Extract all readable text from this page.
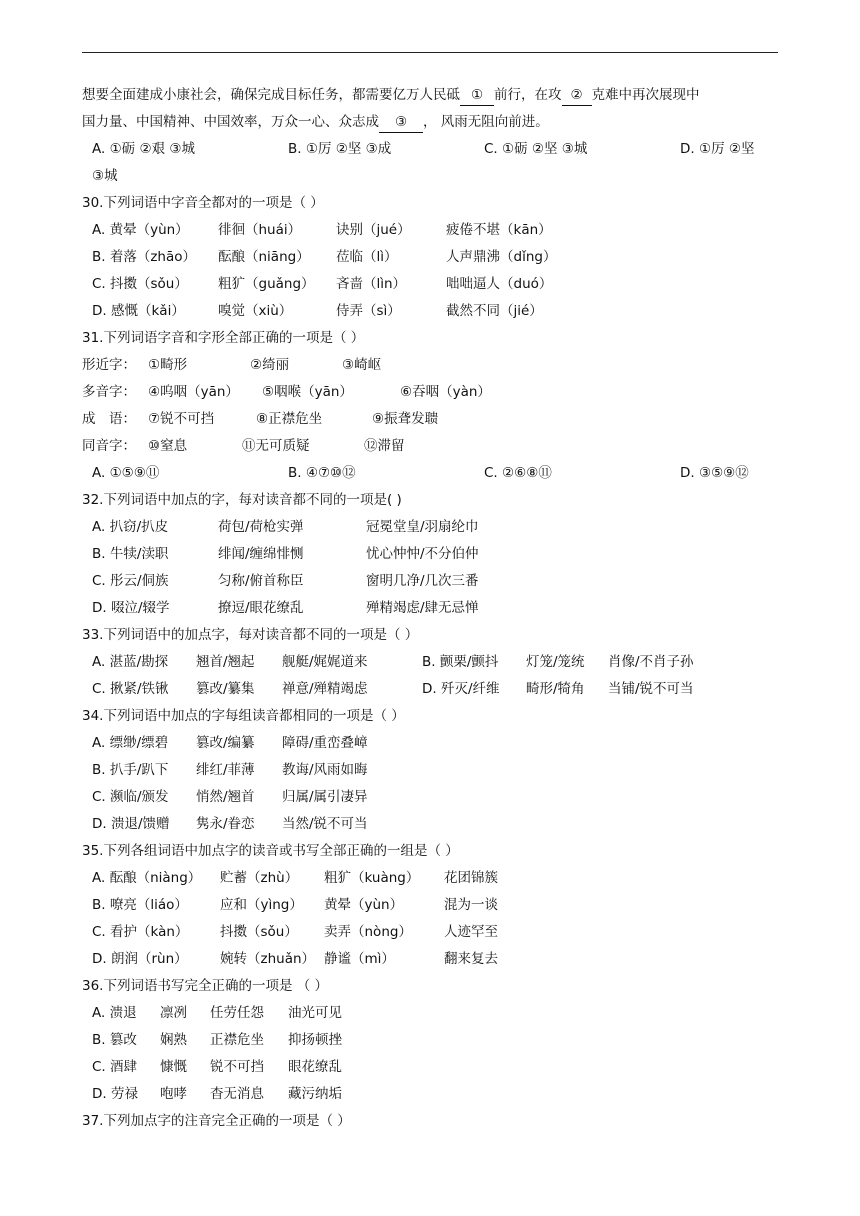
想要全面建成小康社会，确保完成目标任务，都需要亿万人民砥 ① 前行，在攻 ② 克难中再次展现中

国力量、中国精神、中国效率，万众一心、众志成 ③ ， 风雨无阻向前进。

A. ①砺 ②艰 ③城	B. ①厉 ②坚 ③成	C. ①砺 ②坚 ③城	D. ①厉 ②坚
③城

30.下列词语中字音全都对的一项是（ ）

A. 黄晕（yùn） 徘徊（huái）	诀别（jué）	疲倦不堪（kān）
B. 着落（zhāo） 酝酿（niāng） 莅临（lì）	人声鼎沸（dǐng）
C. 抖擞（sǒu） 粗犷（guǎng） 吝啬（lìn）	咄咄逼人（duó）
D. 感慨（kǎi） 嗅觉（xiù）	侍弄（sì）	截然不同（jié）

31.下列词语字音和字形全部正确的一项是（ ）

形近字： ①畸形	②绮丽	③崎岖
多音字： ④呜咽（yān） ⑤咽喉（yān）	⑥吞咽（yàn）
成　语： ⑦锐不可挡	⑧正襟危坐	⑨振聋发聩
同音字： ⑩窒息	⑪无可质疑	⑫滞留
A. ①⑤⑨⑪	B. ④⑦⑩⑫	C. ②⑥⑧⑪	D. ③⑤⑨⑫

32.下列词语中加点的字，每对读音都不同的一项是( )

A. 扒窃/扒皮	荷包/荷枪实弹	冠冕堂皇/羽扇纶巾
B. 牛犊/渎职	绯闻/缠绵悱恻	忧心忡忡/不分伯仲
C. 彤云/侗族	匀称/俯首称臣	窗明几净/几次三番
D. 啜泣/辍学	撩逗/眼花缭乱	殚精竭虑/肆无忌惮

33.下列词语中的加点字，每对读音都不同的一项是（ ）

A. 湛蓝/勘探 翘首/翘起 舰艇/娓娓道来	B. 颤栗/颤抖 灯笼/笼统 肖像/不肖子孙
C. 揪紧/铁锹 篡改/纂集 禅意/殚精竭虑	D. 歼灭/纤维 畸形/犄角 当铺/锐不可当

34.下列词语中加点的字每组读音都相同的一项是（ ）

A. 缥缈/缥碧 篡改/编纂 障碍/重峦叠嶂
B. 扒手/趴下 绯红/菲薄 教诲/风雨如晦
C. 濒临/颁发 悄然/翘首 归属/属引凄异
D. 溃退/馈赠 隽永/眷恋 当然/锐不可当

35.下列各组词语中加点字的读音或书写全部正确的一组是（ ）

A. 酝酿（niàng） 贮蓄（zhù） 粗犷（kuàng） 花团锦簇
B. 嘹亮（liáo） 应和（yìng） 黄晕（yùn）	混为一谈
C. 看护（kàn） 抖擞（sǒu） 卖弄（nòng） 人迹罕至
D. 朗润（rùn） 婉转（zhuǎn） 静谧（mì）	翻来复去

36.下列词语书写完全正确的一项是 （ ）

A. 溃退 凛冽 任劳任怨 油光可见
B. 篡改 娴熟 正襟危坐 抑扬顿挫
C. 酒肆 慷慨 锐不可挡 眼花缭乱
D. 劳禄 咆哮 杳无消息 藏污纳垢

37.下列加点字的注音完全正确的一项是（ ）
